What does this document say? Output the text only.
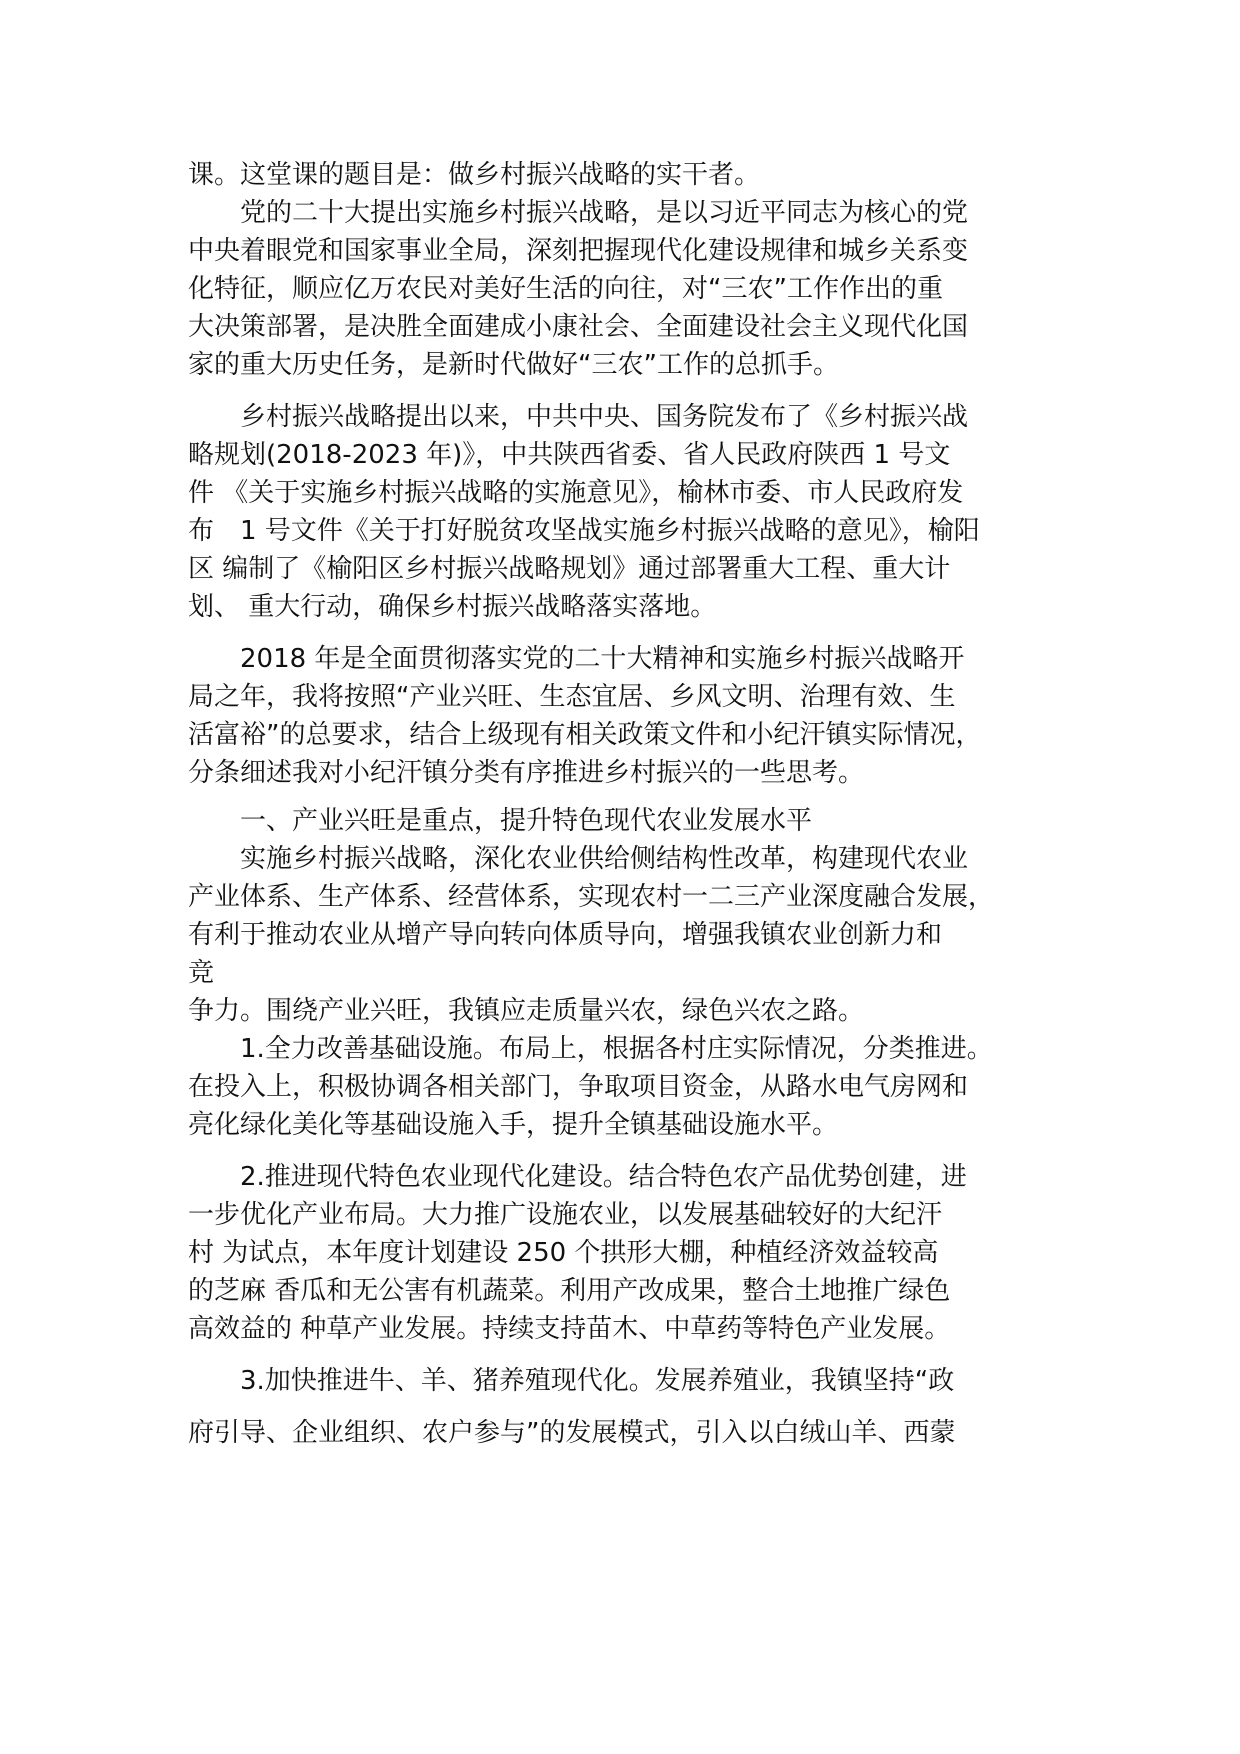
课。这堂课的题目是：做乡村振兴战略的实干者。
党的二十大提出实施乡村振兴战略，是以习近平同志为核心的党
中央着眼党和国家事业全局，深刻把握现代化建设规律和城乡关系变
化特征，顺应亿万农民对美好生活的向往，对“三农”工作作出的重
大决策部署，是决胜全面建成小康社会、全面建设社会主义现代化国
家的重大历史任务，是新时代做好“三农”工作的总抓手。
乡村振兴战略提出以来，中共中央、国务院发布了《乡村振兴战
略规划(2018-2023 年)》，中共陕西省委、省人民政府陕西 1 号文
件 《关于实施乡村振兴战略的实施意见》，榆林市委、市人民政府发
布　1 号文件《关于打好脱贫攻坚战实施乡村振兴战略的意见》，榆阳
区 编制了《榆阳区乡村振兴战略规划》通过部署重大工程、重大计
划、 重大行动，确保乡村振兴战略落实落地。
2018 年是全面贯彻落实党的二十大精神和实施乡村振兴战略开
局之年，我将按照“产业兴旺、生态宜居、乡风文明、治理有效、生
活富裕”的总要求，结合上级现有相关政策文件和小纪汗镇实际情况，
分条细述我对小纪汗镇分类有序推进乡村振兴的一些思考。
一、产业兴旺是重点，提升特色现代农业发展水平
实施乡村振兴战略，深化农业供给侧结构性改革，构建现代农业
产业体系、生产体系、经营体系，实现农村一二三产业深度融合发展，
有利于推动农业从增产导向转向体质导向，增强我镇农业创新力和
竞
争力。围绕产业兴旺，我镇应走质量兴农，绿色兴农之路。
1.全力改善基础设施。布局上，根据各村庄实际情况，分类推进。
在投入上，积极协调各相关部门，争取项目资金，从路水电气房网和
亮化绿化美化等基础设施入手，提升全镇基础设施水平。
2.推进现代特色农业现代化建设。结合特色农产品优势创建，进
一步优化产业布局。大力推广设施农业，以发展基础较好的大纪汗
村 为试点，本年度计划建设 250 个拱形大棚，种植经济效益较高
的芝麻 香瓜和无公害有机蔬菜。利用产改成果，整合土地推广绿色
高效益的 种草产业发展。持续支持苗木、中草药等特色产业发展。
3.加快推进牛、羊、猪养殖现代化。发展养殖业，我镇坚持“政
府引导、企业组织、农户参与”的发展模式，引入以白绒山羊、西蒙
